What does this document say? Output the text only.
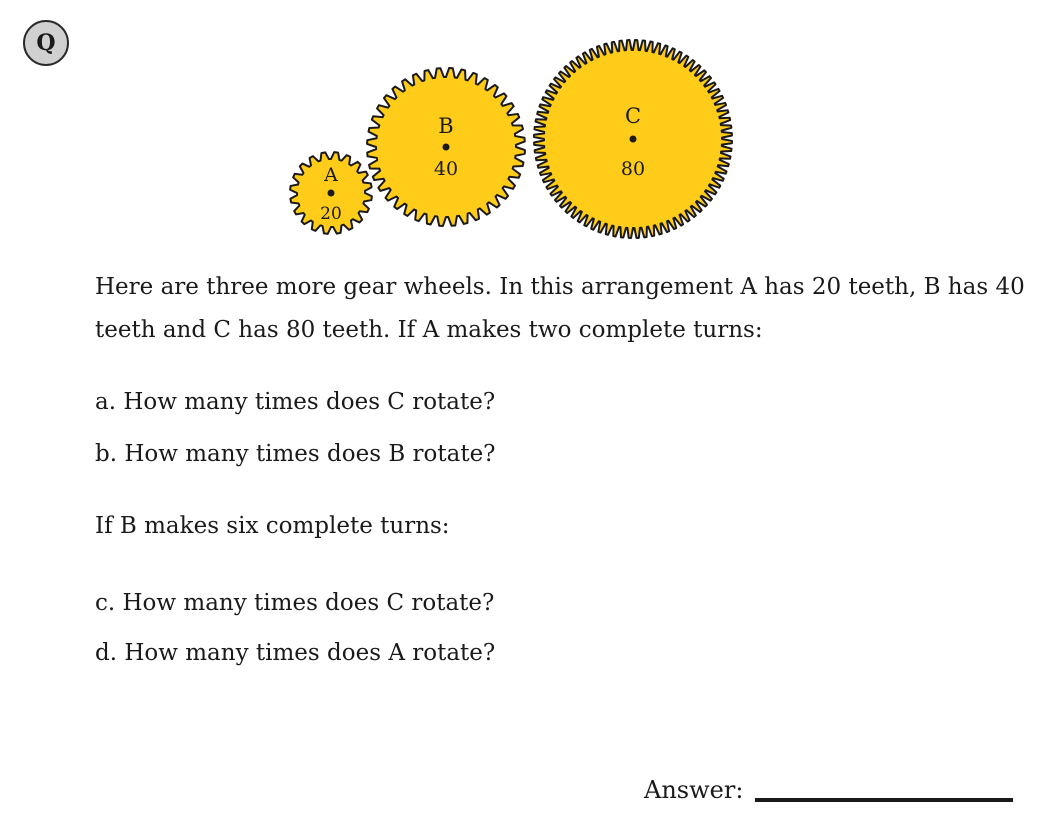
Q
A
20
B
40
C
80
Here are three more gear wheels. In this arrangement A has 20 teeth, B has 40 teeth and C has 80 teeth. If A makes two complete turns:
a. How many times does C rotate?
b. How many times does B rotate?
If B makes six complete turns:
c. How many times does C rotate?
d. How many times does A rotate?
Answer:
